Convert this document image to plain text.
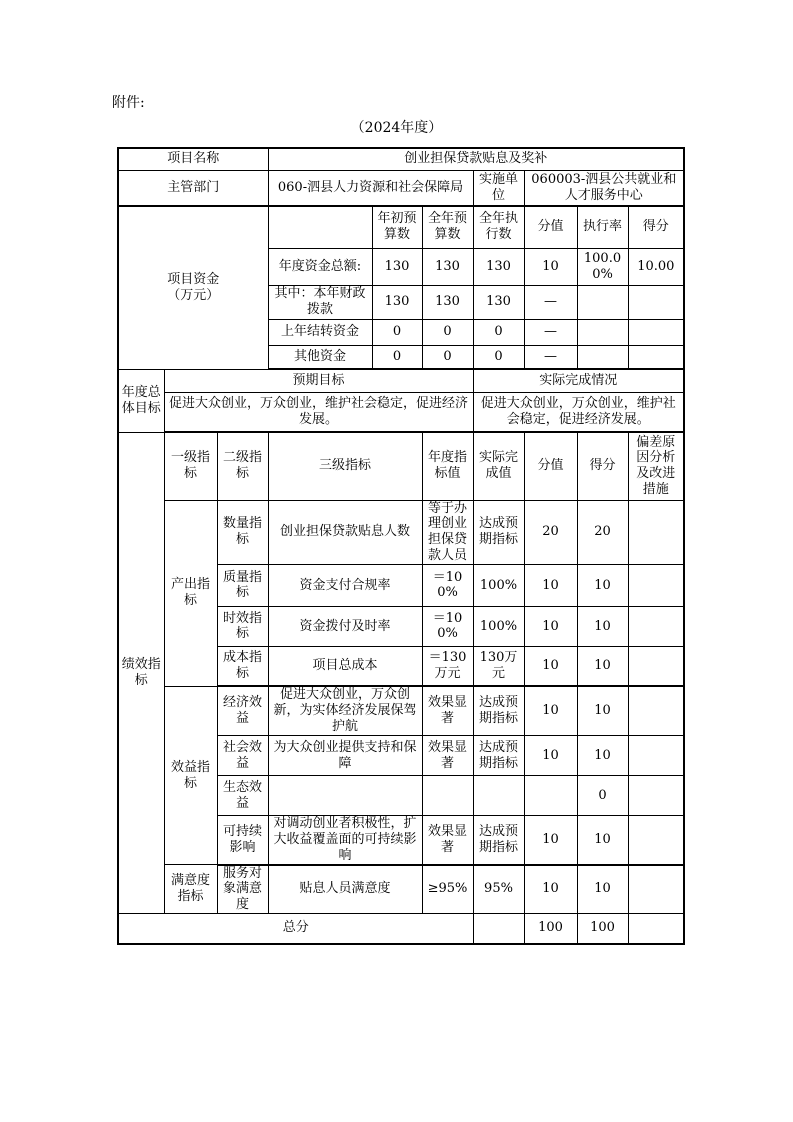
附件:
（2024年度）
项目名称			创业担保贷款贴息及奖补						
主管部门			060-泗县人力资源和社会保障局			实施单位	060003-泗县公共就业和人才服务中心		

项目资金
（万元）				年初预算数	全年预算数	全年执行数	分值	执行率	得分
			年度资金总额:	130	130	130	10	100.00%	10.00
			其中：本年财政拨款	130	130	130	—		
			上年结转资金	0	0	0	—		
			其他资金	0	0	0	—		
年度总体目标	预期目标					实际完成情况			
	促进大众创业，万众创业，维护社会稳定，促进经济发展。					促进大众创业，万众创业，维护社会稳定，促进经济发展。			
绩效指标	一级指标	二级指标	三级指标		年度指标值	实际完成值	分值	得分	偏差原因分析及改进措施
	产出指标	数量指标	创业担保贷款贴息人数		等于办理创业担保贷款人员	达成预期指标	20	20	
		质量指标	资金支付合规率		＝100%	100%	10	10	
		时效指标	资金拨付及时率		＝100%	100%	10	10	
		成本指标	项目总成本		＝130万元	130万元	10	10	
	效益指标	经济效益	促进大众创业，万众创新，为实体经济发展保驾护航		效果显著	达成预期指标	10	10	
		社会效益	为大众创业提供支持和保障		效果显著	达成预期指标	10	10	
		生态效益						0	
		可持续影响	对调动创业者积极性，扩大收益覆盖面的可持续影响		效果显著	达成预期指标	10	10	
	满意度指标	服务对象满意度	贴息人员满意度		≥95%	95%	10	10	
总分							100	100	
